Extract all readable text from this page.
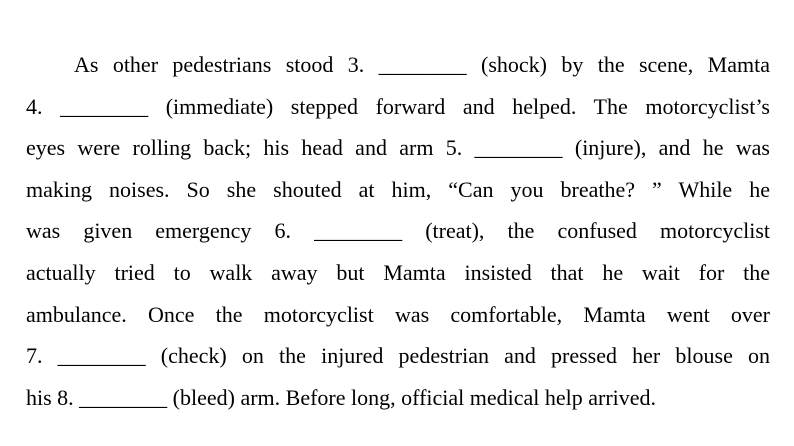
As other pedestrians stood 3. ________ (shock) by the scene, Mamta
4. ________ (immediate) stepped forward and helped. The motorcyclist’s
eyes were rolling back; his head and arm 5. ________ (injure), and he was
making noises. So she shouted at him, “Can you breathe? ” While he
was given emergency 6. ________ (treat), the confused motorcyclist
actually tried to walk away but Mamta insisted that he wait for the
ambulance. Once the motorcyclist was comfortable, Mamta went over
7. ________ (check) on the injured pedestrian and pressed her blouse on
his 8. ________ (bleed) arm. Before long, official medical help arrived.
